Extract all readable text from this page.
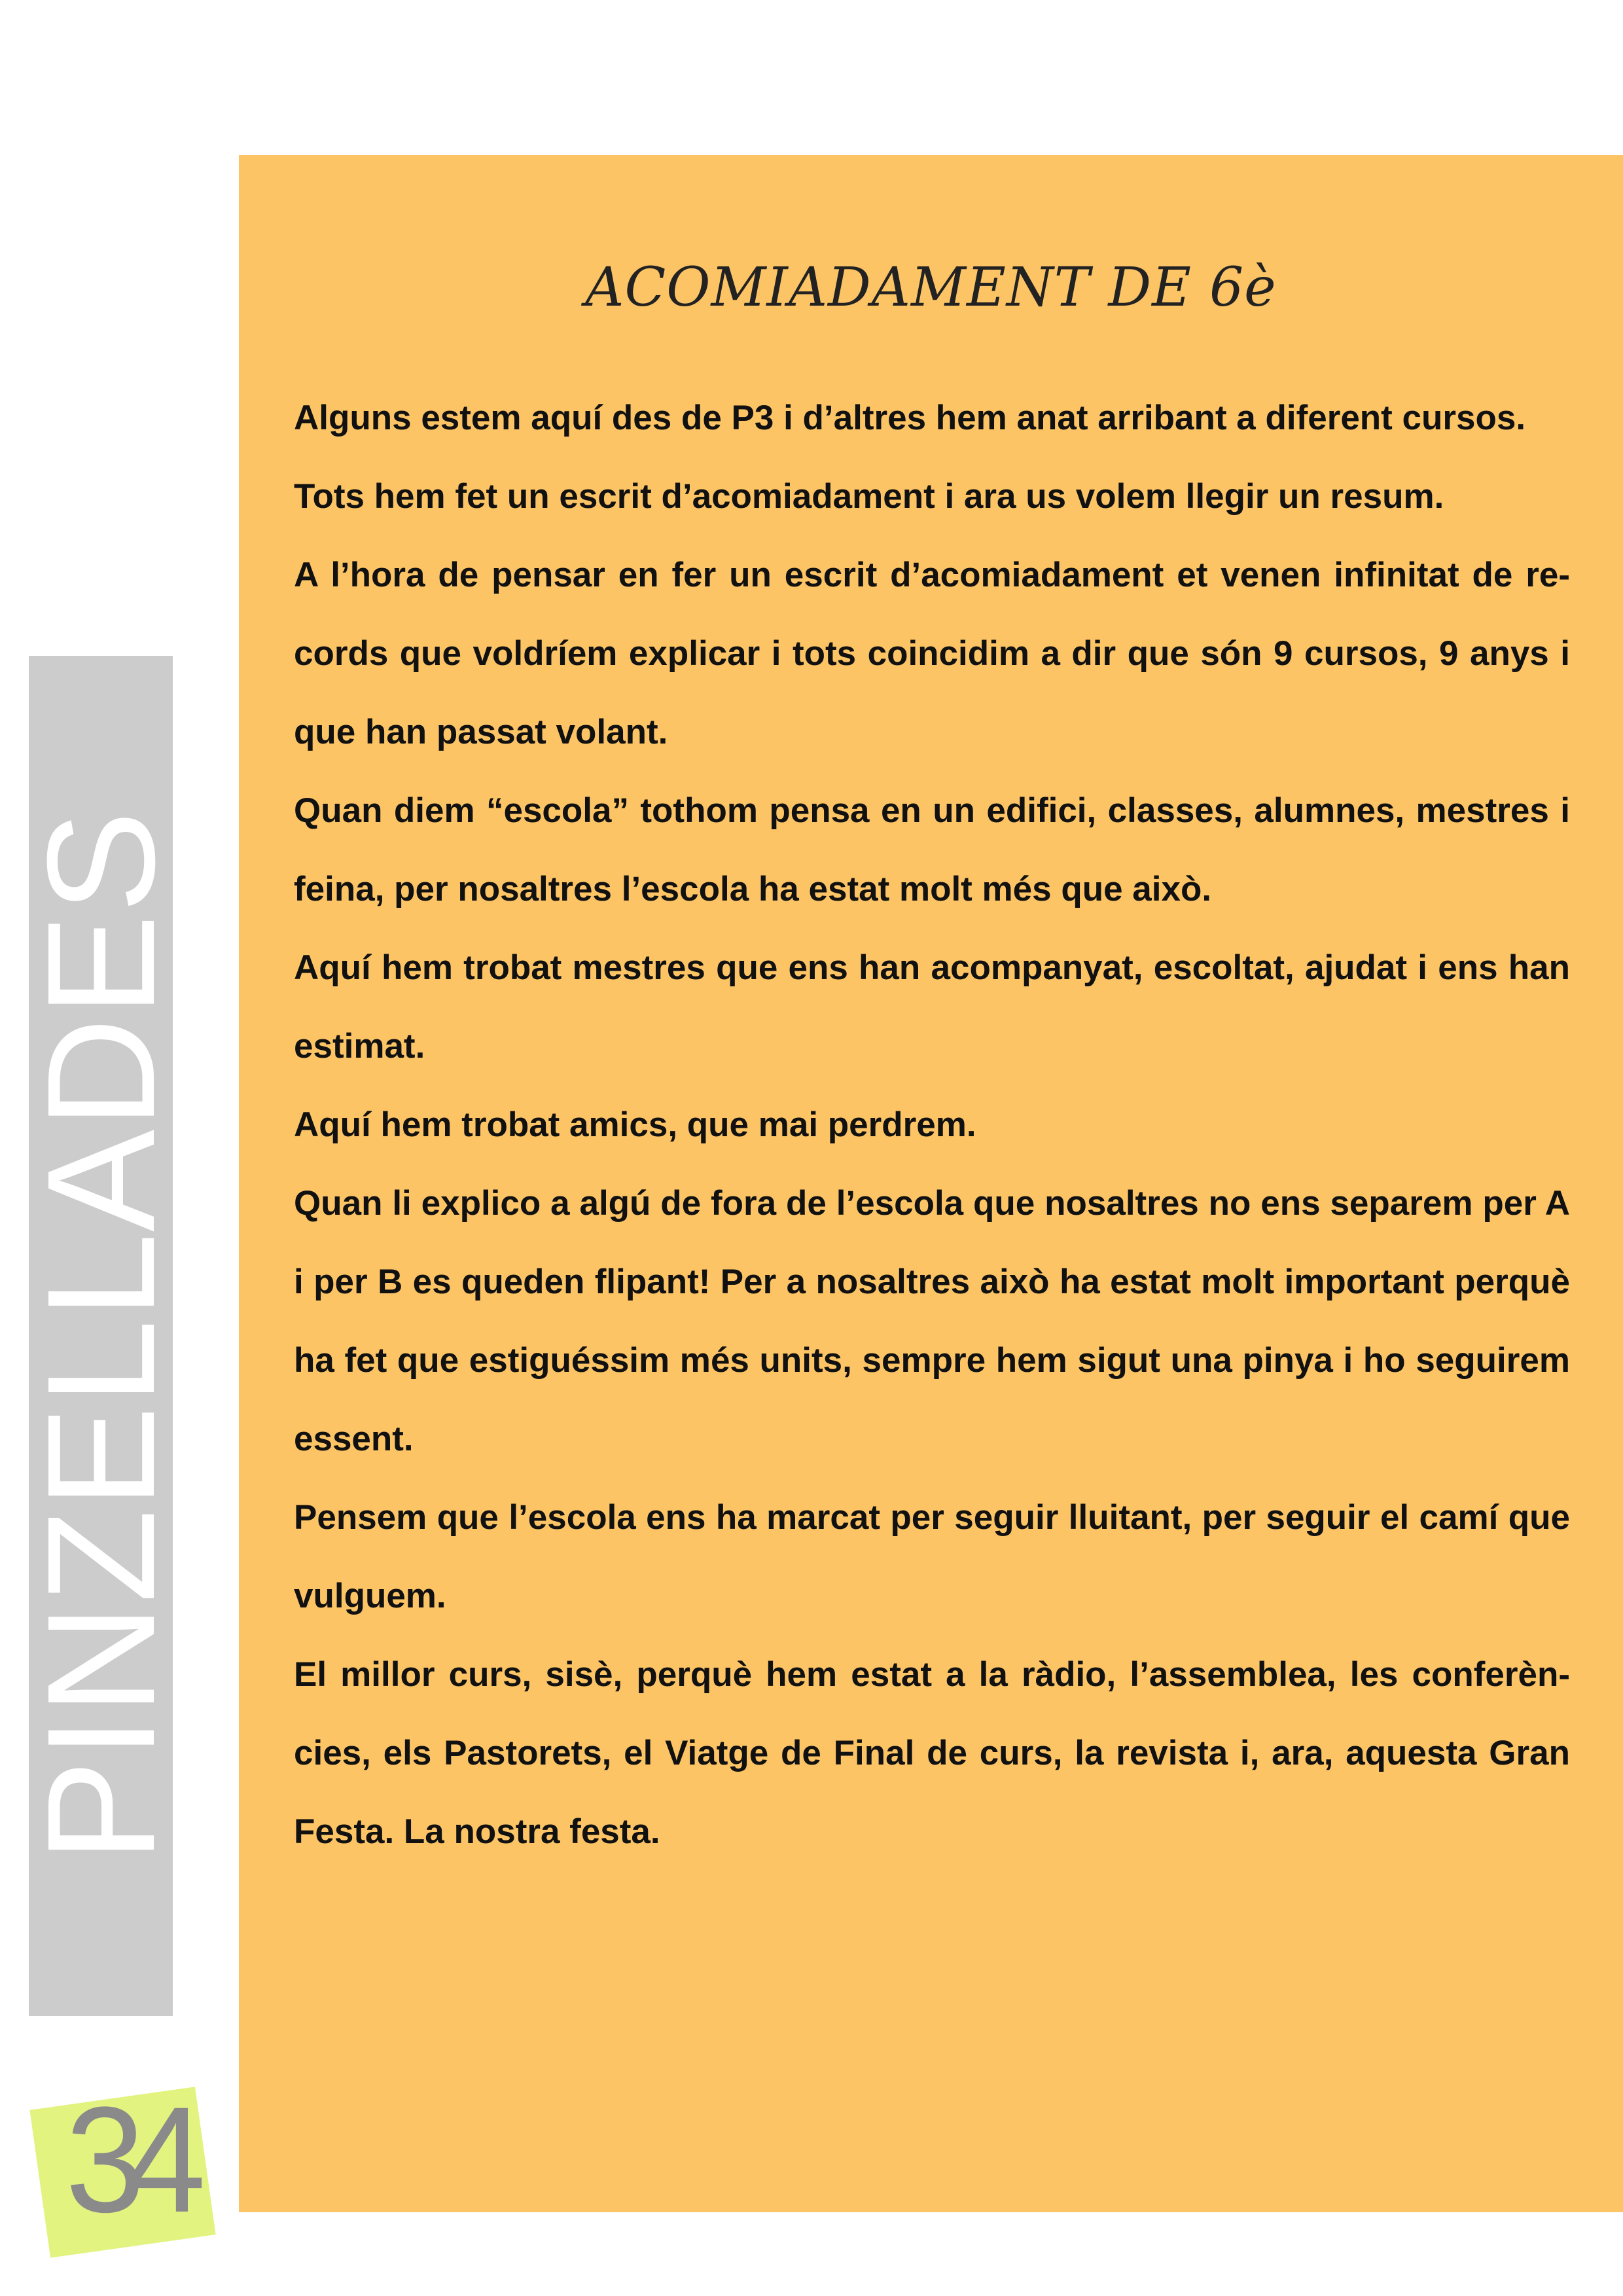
PINZELLADES
34
ACOMIADAMENT DE 6è

Alguns estem aquí des de P3 i d’altres hem anat arribant a diferent cursos.

Tots hem fet un escrit d’acomiadament i ara us volem llegir un resum.

A l’hora de pensar en fer un escrit d’acomiadament et venen infinitat de re-cords que voldríem explicar i tots coincidim a dir que són 9 cursos, 9 anys i que han passat volant.

Quan diem “escola” tothom pensa en un edifici, classes, alumnes, mestres i feina, per nosaltres l’escola ha estat molt més que això.

Aquí hem trobat mestres que ens han acompanyat, escoltat, ajudat i ens han estimat.

Aquí hem trobat amics, que mai perdrem.

Quan li explico a algú de fora de l’escola que nosaltres no ens separem per A i per B es queden flipant! Per a nosaltres això ha estat molt important perquè ha fet que estiguéssim més units, sempre hem sigut una pinya i ho seguirem essent.

Pensem que l’escola ens ha marcat per seguir lluitant, per seguir el camí que vulguem.

El millor curs, sisè, perquè hem estat a la ràdio, l’assemblea, les conferèn-cies, els Pastorets, el Viatge de Final de curs, la revista i, ara, aquesta Gran Festa. La nostra festa.
